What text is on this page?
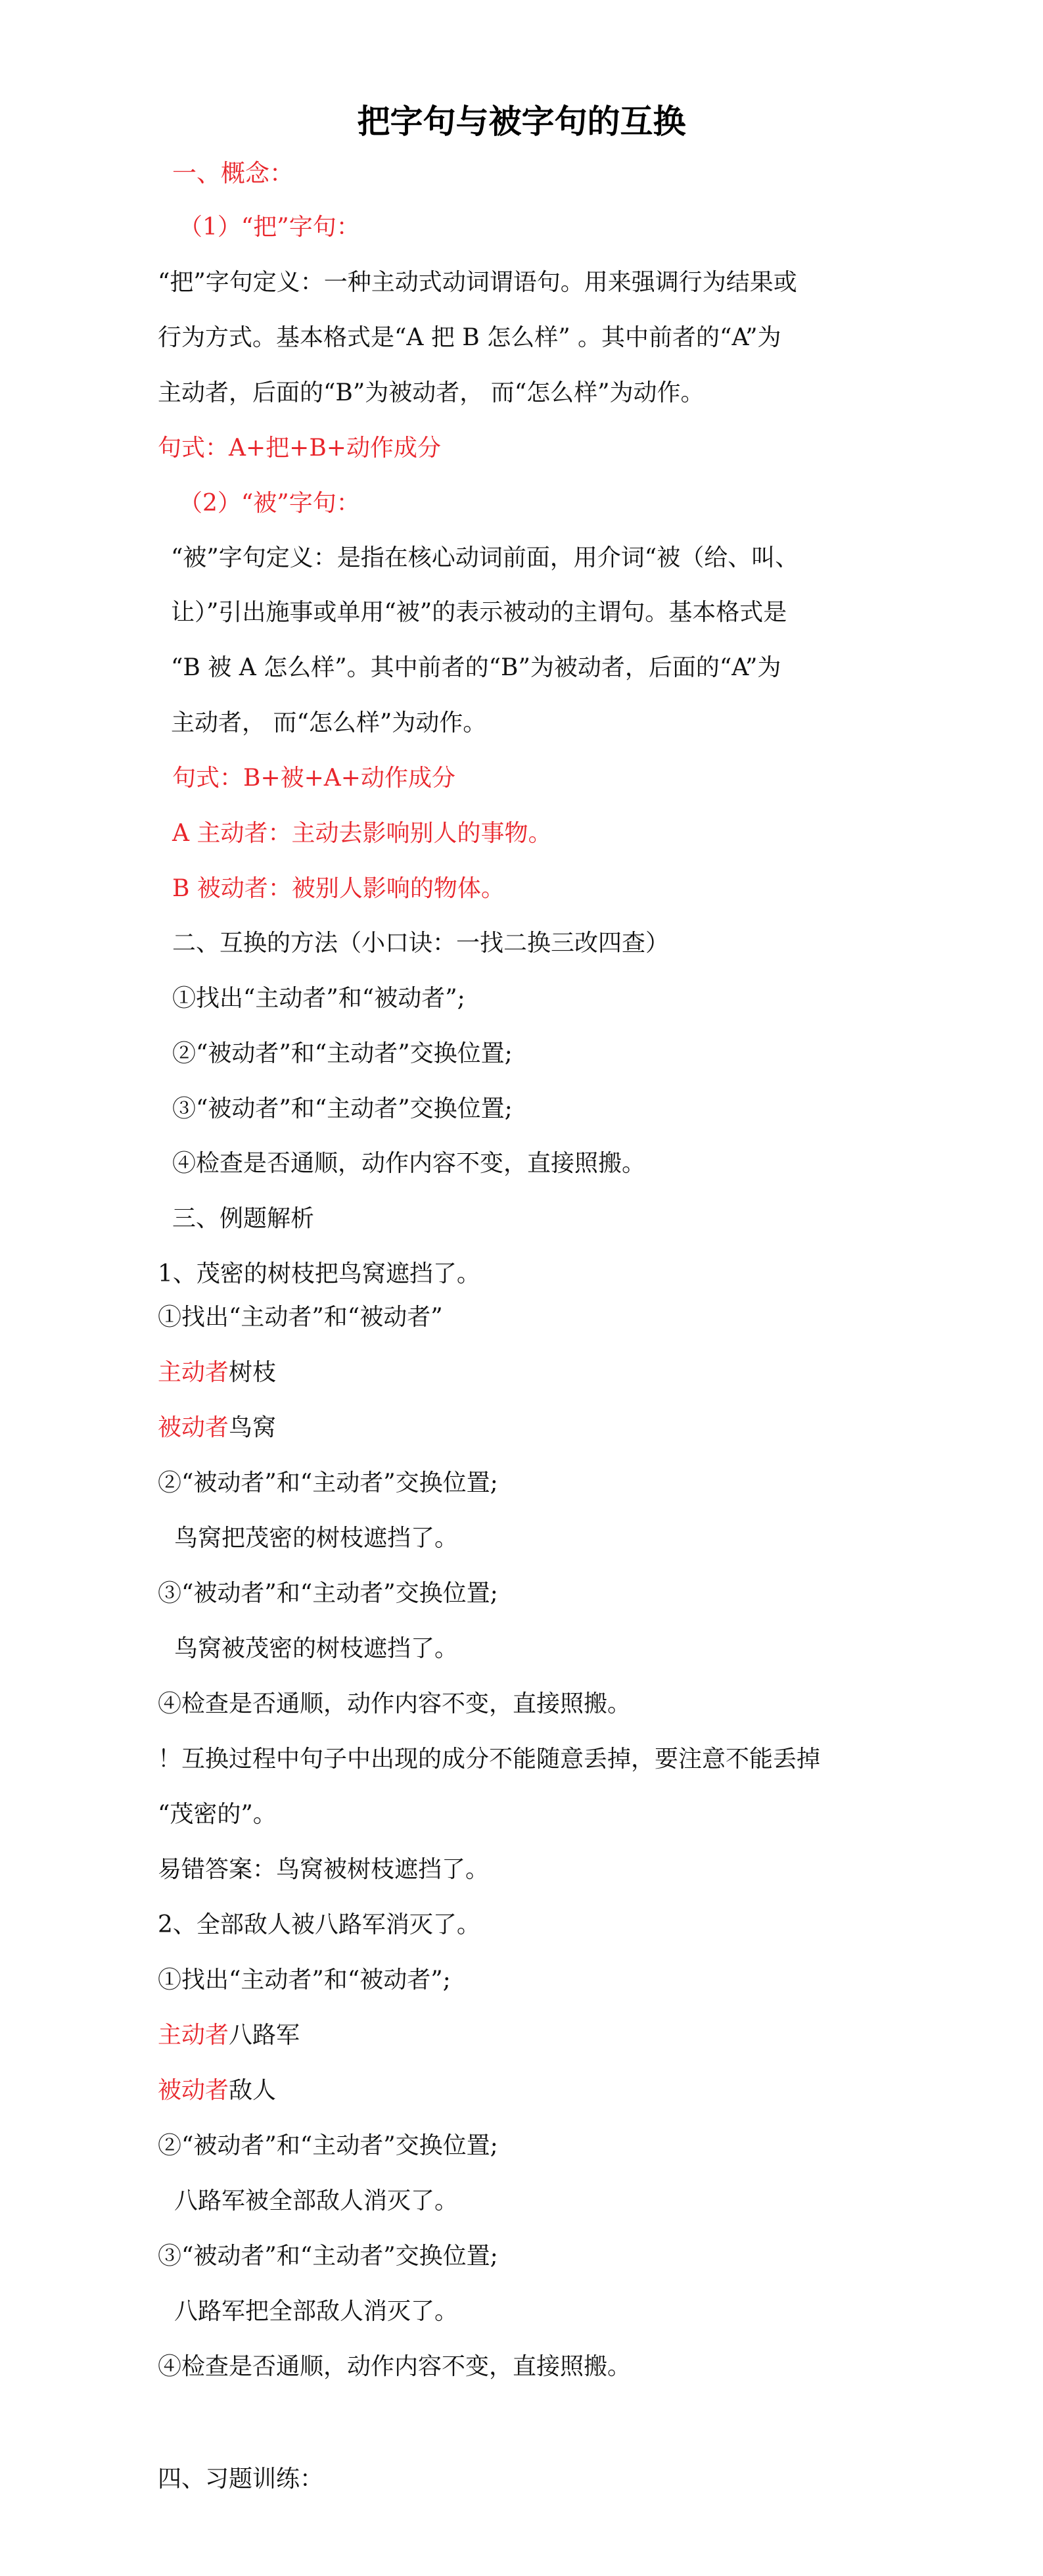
把字句与被字句的互换
一、概念：
（1）“把”字句：
“把”字句定义：一种主动式动词谓语句。用来强调行为结果或
行为方式。基本格式是“A 把 B 怎么样” 。其中前者的“A”为
主动者，后面的“B”为被动者， 而“怎么样”为动作。
句式：A+把+B+动作成分
（2）“被”字句：
“被”字句定义：是指在核心动词前面，用介词“被（给、叫、
让）”引出施事或单用“被”的表示被动的主谓句。基本格式是
“B 被 A 怎么样”。其中前者的“B”为被动者，后面的“A”为
主动者， 而“怎么样”为动作。
句式：B+被+A+动作成分
A 主动者：主动去影响别人的事物。
B 被动者：被别人影响的物体。
二、互换的方法（小口诀：一找二换三改四查）
①找出“主动者”和“被动者”;
②“被动者”和“主动者”交换位置;
③“被动者”和“主动者”交换位置;
④检查是否通顺，动作内容不变，直接照搬。
三、例题解析
1、茂密的树枝把鸟窝遮挡了。
①找出“主动者”和“被动者”
主动者树枝
被动者鸟窝
②“被动者”和“主动者”交换位置;
鸟窝把茂密的树枝遮挡了。
③“被动者”和“主动者”交换位置;
鸟窝被茂密的树枝遮挡了。
④检查是否通顺，动作内容不变，直接照搬。
！互换过程中句子中出现的成分不能随意丢掉，要注意不能丢掉
“茂密的”。
易错答案：鸟窝被树枝遮挡了。
2、全部敌人被八路军消灭了。
①找出“主动者”和“被动者”;
主动者八路军
被动者敌人
②“被动者”和“主动者”交换位置;
八路军被全部敌人消灭了。
③“被动者”和“主动者”交换位置;
八路军把全部敌人消灭了。
④检查是否通顺，动作内容不变，直接照搬。
四、习题训练：
